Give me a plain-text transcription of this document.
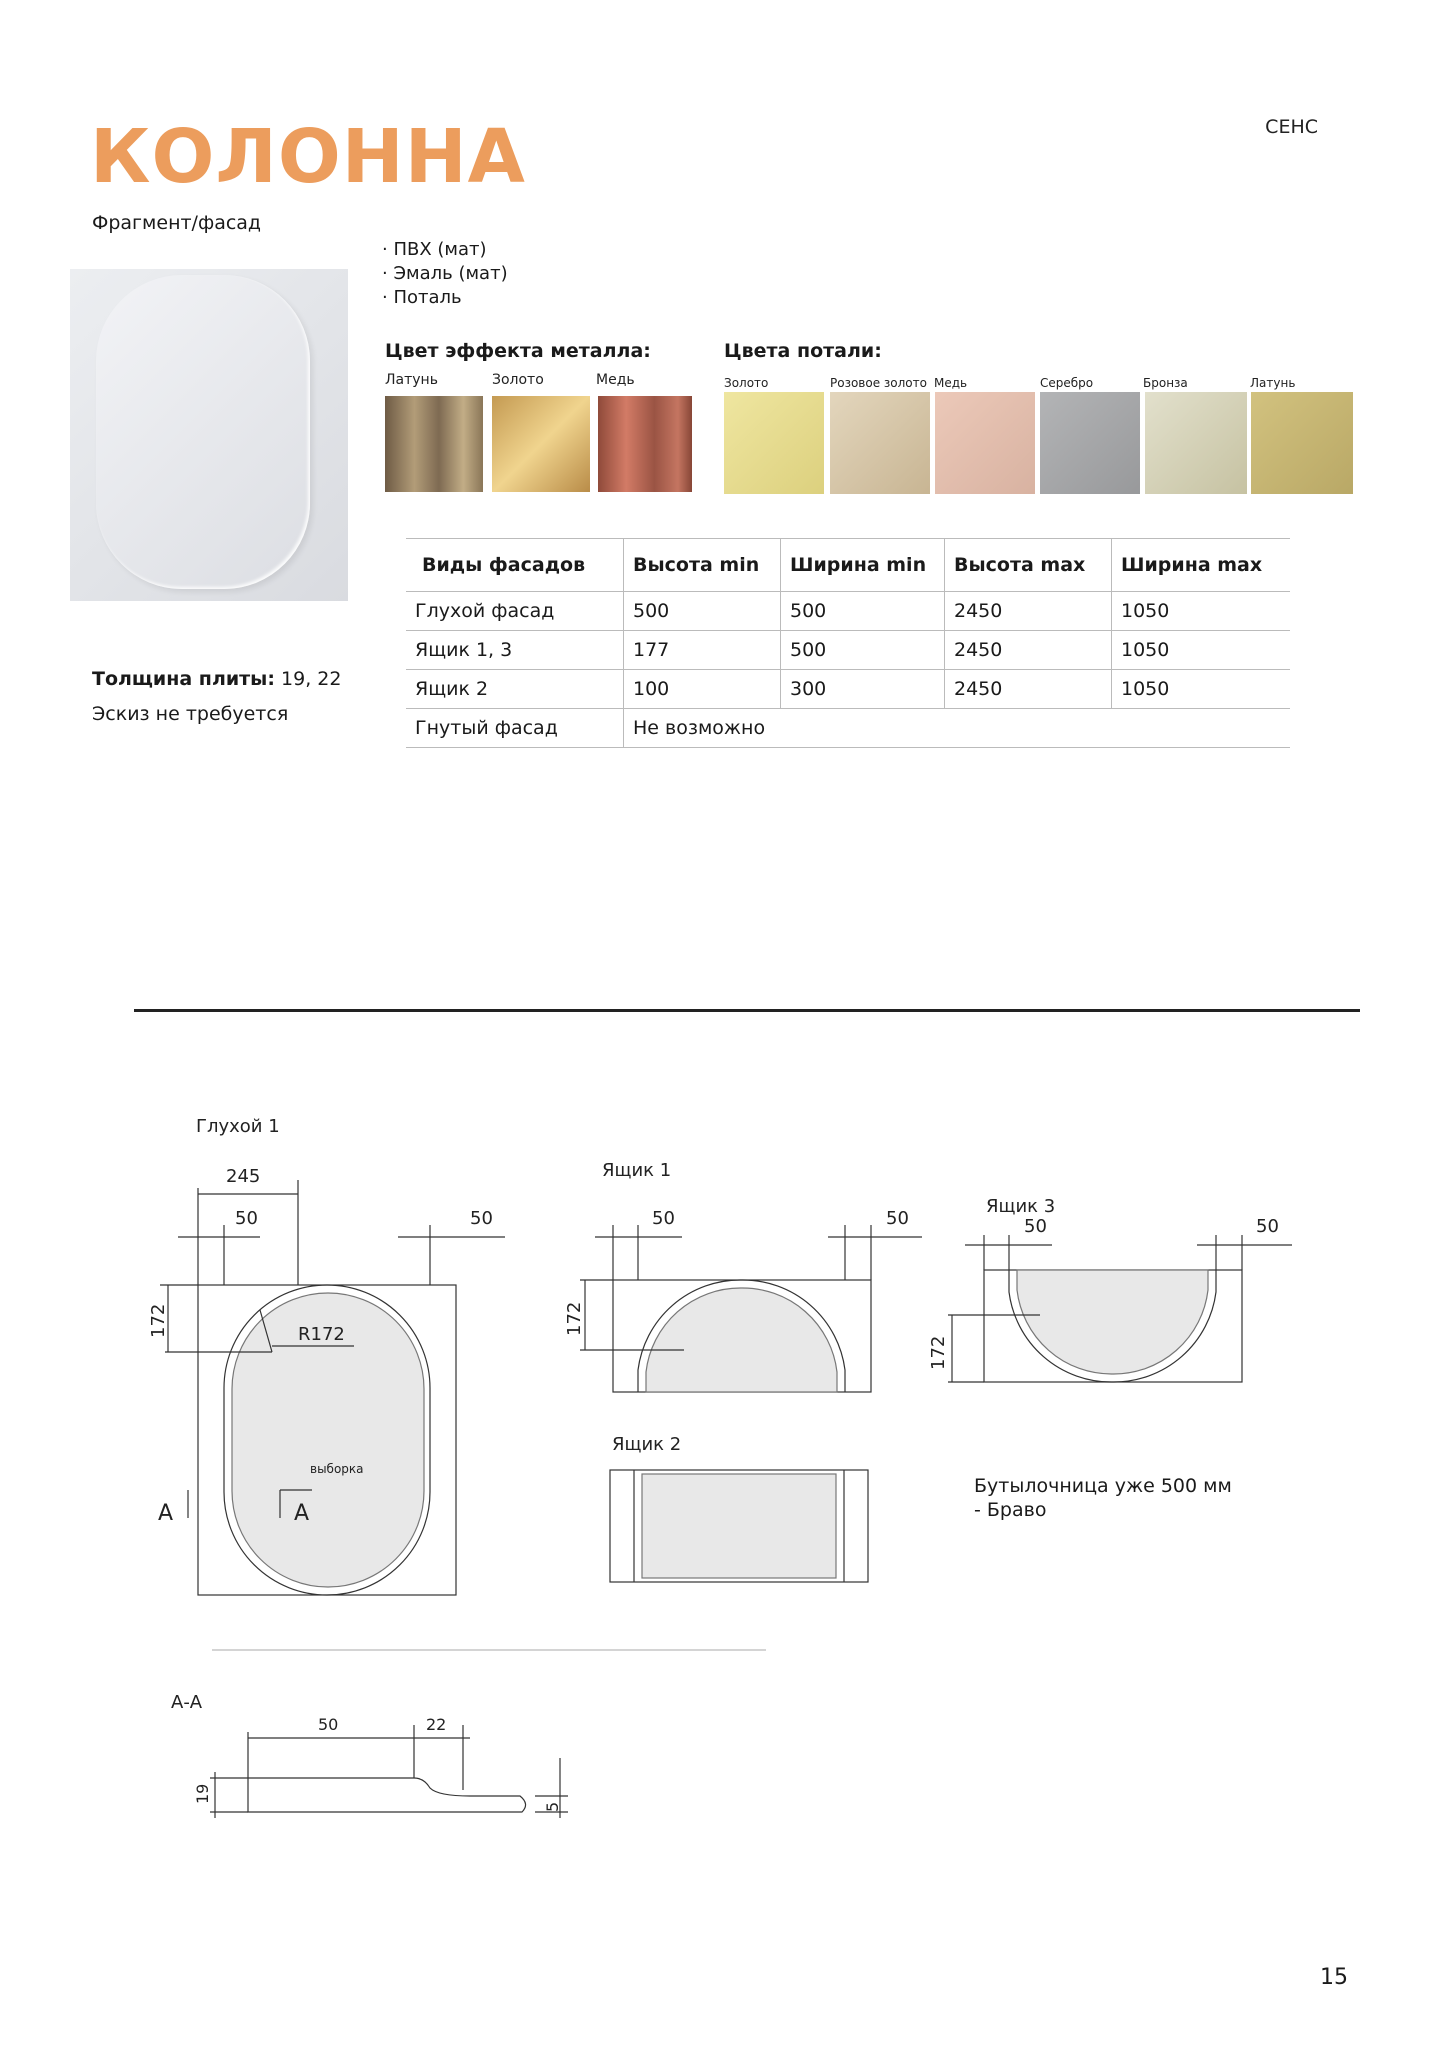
КОЛОННА	СЕНС
Фрагмент/фасад
· ПВХ (мат)
· Эмаль (мат)
· Поталь
Цвет эффекта металла:	Цвета потали:
Латунь	Золото	Медь	Золото	Розовое золото Медь	Серебро	Бронза	Латунь
Толщина плиты: 19, 22
Эскиз не требуется
Виды фасадов	Высота min	Ширина min	Высота max	Ширина max
Глухой фасад	500	500	2450	1050
Ящик 1, 3	177	500	2450	1050
Ящик 2	100	300	2450	1050
Гнутый фасад	Не возможно			
Глухой 1
245
50	50
172	R172
выборка
A	A
Ящик 1
50	50
172
Ящик 3
50	50
172
Ящик 2
А-А
50	22
19
5
Бутылочница уже 500 мм - Браво
15
